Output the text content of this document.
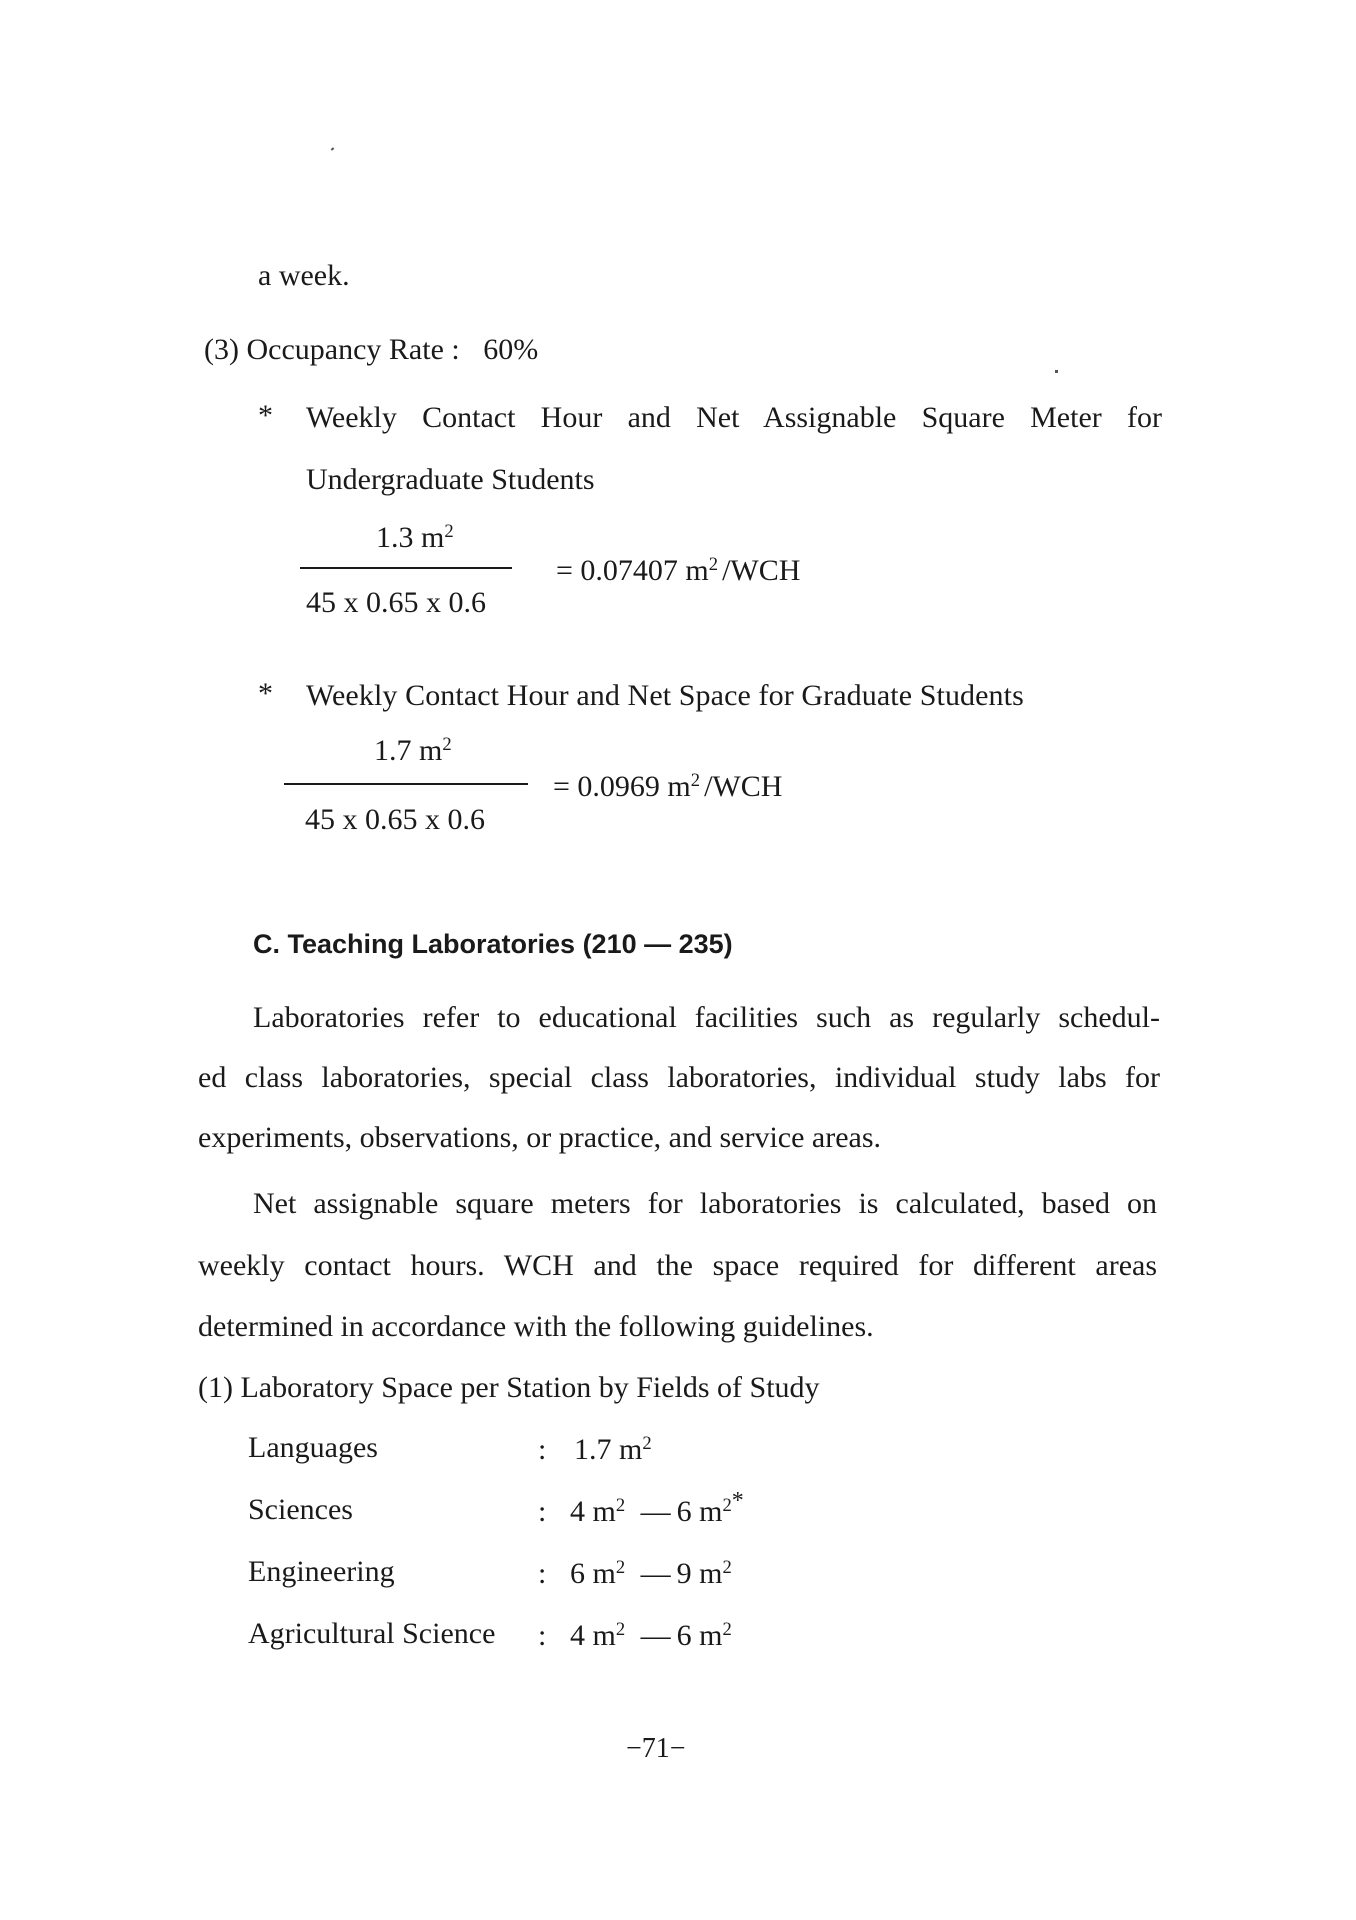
a week.
(3) Occupancy Rate : 60%
* Weekly Contact Hour and Net Assignable Square Meter for
Undergraduate Students
1.3 $m^2$
45 x 0.65 x 0.6
= 0.07407 $m^2$ /WCH
* Weekly Contact Hour and Net Space for Graduate Students
1.7 $m^2$
45 x 0.65 x 0.6
= 0.0969 $m^2$ /WCH
C. Teaching Laboratories (210 — 235)
Laboratories refer to educational facilities such as regularly schedul-
ed class laboratories, special class laboratories, individual study labs for
experiments, observations, or practice, and service areas.
Net assignable square meters for laboratories is calculated, based on
weekly contact hours. WCH and the space required for different areas
determined in accordance with the following guidelines.
(1) Laboratory Space per Station by Fields of Study
Languages	: 1.7 $m^2$
Sciences	: 4 $m^2$ — 6 $m^{2*}$
Engineering	: 6 $m^2$ — 9 $m^2$
Agricultural Science : 4 $m^2$ — 6 $m^2$
−71−
